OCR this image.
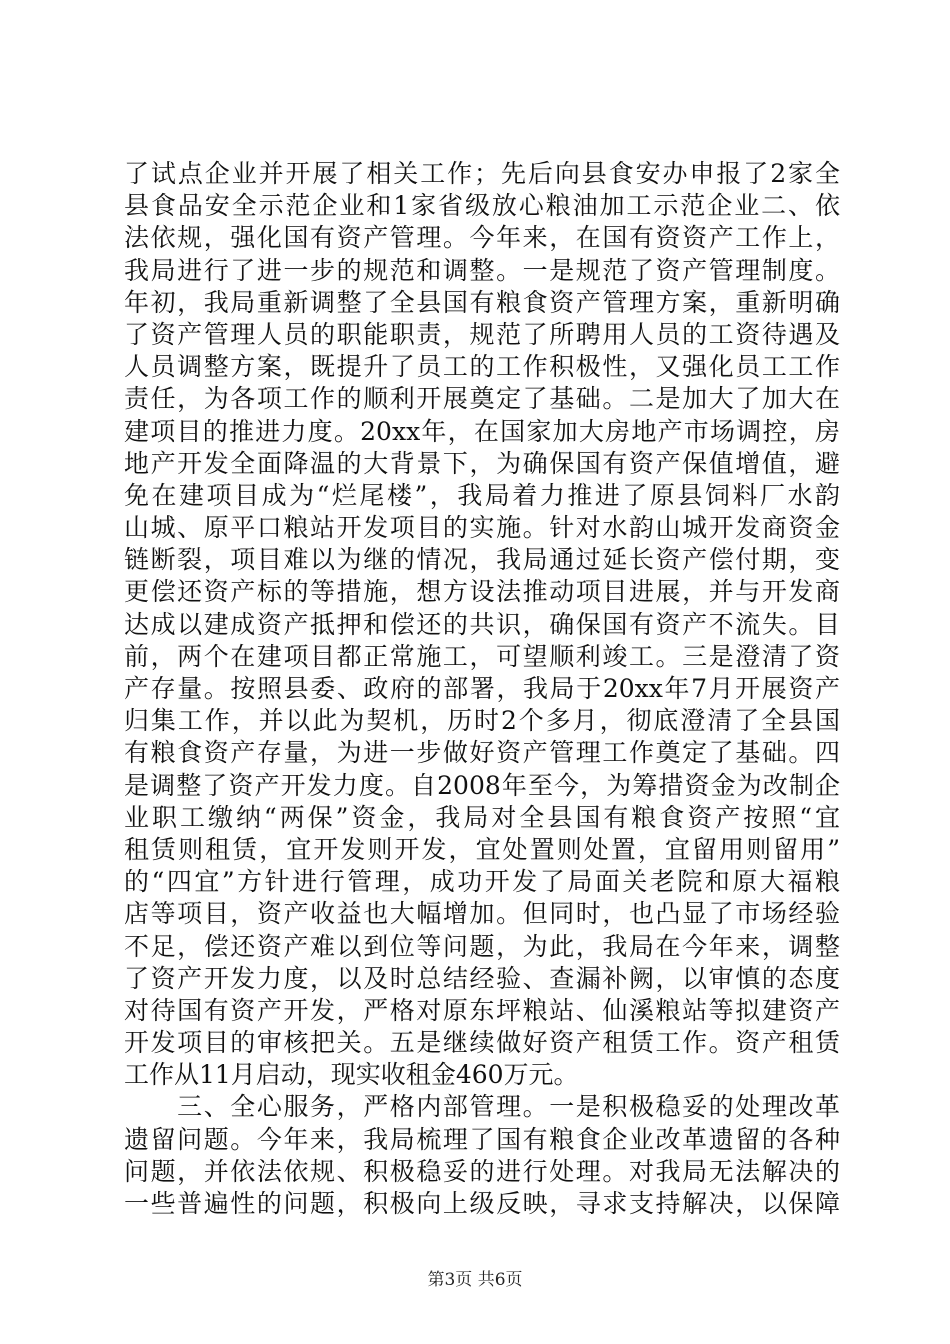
了试点企业并开展了相关工作；先后向县食安办申报了2家全
县食品安全示范企业和1家省级放心粮油加工示范企业二、依
法依规，强化国有资产管理。今年来，在国有资资产工作上，
我局进行了进一步的规范和调整。一是规范了资产管理制度。
年初，我局重新调整了全县国有粮食资产管理方案，重新明确
了资产管理人员的职能职责，规范了所聘用人员的工资待遇及
人员调整方案，既提升了员工的工作积极性，又强化员工工作
责任，为各项工作的顺利开展奠定了基础。二是加大了加大在
建项目的推进力度。20xx年，在国家加大房地产市场调控，房
地产开发全面降温的大背景下，为确保国有资产保值增值，避
免在建项目成为“烂尾楼”，我局着力推进了原县饲料厂水韵
山城、原平口粮站开发项目的实施。针对水韵山城开发商资金
链断裂，项目难以为继的情况，我局通过延长资产偿付期，变
更偿还资产标的等措施，想方设法推动项目进展，并与开发商
达成以建成资产抵押和偿还的共识，确保国有资产不流失。目
前，两个在建项目都正常施工，可望顺利竣工。三是澄清了资
产存量。按照县委、政府的部署，我局于20xx年7月开展资产
归集工作，并以此为契机，历时2个多月，彻底澄清了全县国
有粮食资产存量，为进一步做好资产管理工作奠定了基础。四
是调整了资产开发力度。自2008年至今，为筹措资金为改制企
业职工缴纳“两保”资金，我局对全县国有粮食资产按照“宜
租赁则租赁，宜开发则开发，宜处置则处置，宜留用则留用”
的“四宜”方针进行管理，成功开发了局面关老院和原大福粮
店等项目，资产收益也大幅增加。但同时，也凸显了市场经验
不足，偿还资产难以到位等问题，为此，我局在今年来，调整
了资产开发力度，以及时总结经验、查漏补阙，以审慎的态度
对待国有资产开发，严格对原东坪粮站、仙溪粮站等拟建资产
开发项目的审核把关。五是继续做好资产租赁工作。资产租赁
工作从11月启动，现实收租金460万元。
　　三、全心服务，严格内部管理。一是积极稳妥的处理改革
遗留问题。今年来，我局梳理了国有粮食企业改革遗留的各种
问题，并依法依规、积极稳妥的进行处理。对我局无法解决的
一些普遍性的问题，积极向上级反映，寻求支持解决，以保障
第3页 共6页
